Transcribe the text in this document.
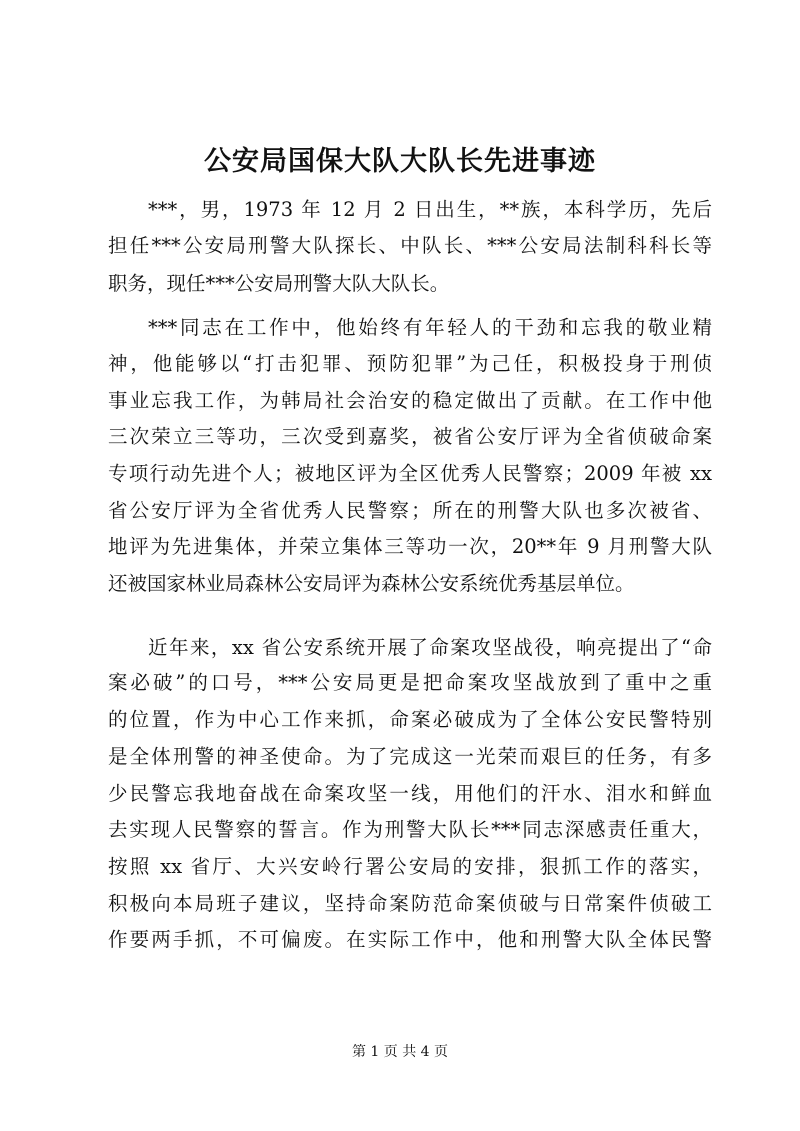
公安局国保大队大队长先进事迹
***，男，1973 年 12 月 2 日出生，**族，本科学历，先后
担任***公安局刑警大队探长、中队长、***公安局法制科科长等
职务，现任***公安局刑警大队大队长。
***同志在工作中，他始终有年轻人的干劲和忘我的敬业精
神，他能够以“打击犯罪、预防犯罪”为己任，积极投身于刑侦
事业忘我工作，为韩局社会治安的稳定做出了贡献。在工作中他
三次荣立三等功，三次受到嘉奖，被省公安厅评为全省侦破命案
专项行动先进个人；被地区评为全区优秀人民警察；2009 年被 xx
省公安厅评为全省优秀人民警察；所在的刑警大队也多次被省、
地评为先进集体，并荣立集体三等功一次，20**年 9 月刑警大队
还被国家林业局森林公安局评为森林公安系统优秀基层单位。
近年来，xx 省公安系统开展了命案攻坚战役，响亮提出了“命
案必破”的口号，***公安局更是把命案攻坚战放到了重中之重
的位置，作为中心工作来抓，命案必破成为了全体公安民警特别
是全体刑警的神圣使命。为了完成这一光荣而艰巨的任务，有多
少民警忘我地奋战在命案攻坚一线，用他们的汗水、泪水和鲜血
去实现人民警察的誓言。作为刑警大队长***同志深感责任重大，
按照 xx 省厅、大兴安岭行署公安局的安排，狠抓工作的落实，
积极向本局班子建议，坚持命案防范命案侦破与日常案件侦破工
作要两手抓，不可偏废。在实际工作中，他和刑警大队全体民警
第 1 页 共 4 页
